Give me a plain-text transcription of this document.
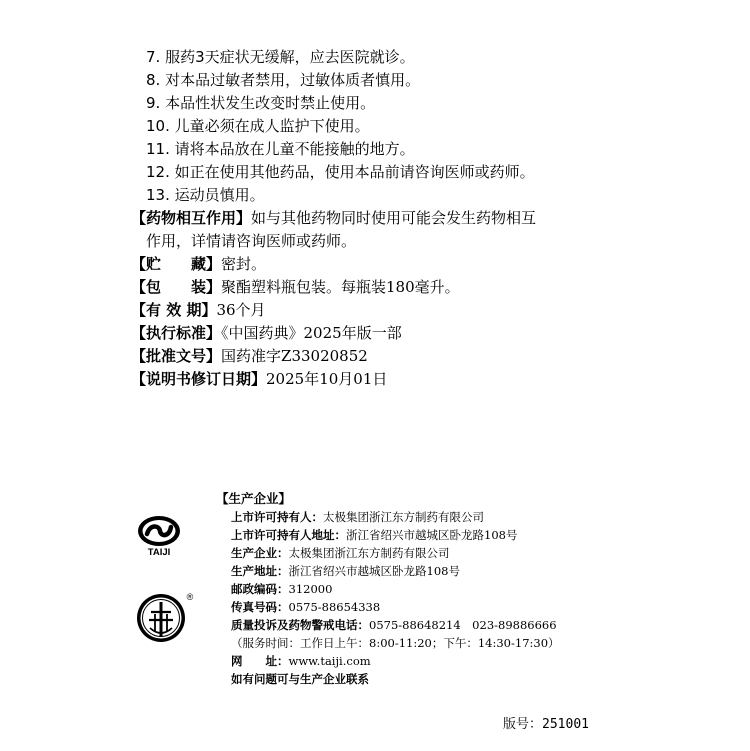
7. 服药3天症状无缓解，应去医院就诊。
8. 对本品过敏者禁用，过敏体质者慎用。
9. 本品性状发生改变时禁止使用。
10. 儿童必须在成人监护下使用。
11. 请将本品放在儿童不能接触的地方。
12. 如正在使用其他药品，使用本品前请咨询医师或药师。
13. 运动员慎用。
【药物相互作用】如与其他药物同时使用可能会发生药物相互
作用，详情请咨询医师或药师。
【贮　　藏】密封。
【包　　装】聚酯塑料瓶包装。每瓶装180毫升。
【有 效 期】36个月
【执行标准】《中国药典》2025年版一部
【批准文号】国药准字Z33020852
【说明书修订日期】2025年10月01日
【生产企业】
上市许可持有人：太极集团浙江东方制药有限公司
上市许可持有人地址：浙江省绍兴市越城区卧龙路108号
生产企业：太极集团浙江东方制药有限公司
生产地址：浙江省绍兴市越城区卧龙路108号
邮政编码：312000
传真号码：0575-88654338
质量投诉及药物警戒电话：0575-88648214　023-89886666
（服务时间：工作日上午：8:00-11:20；下午：14:30-17:30）
网　　址：www.taiji.com
如有问题可与生产企业联系
TAIJI
®
版号：251001
